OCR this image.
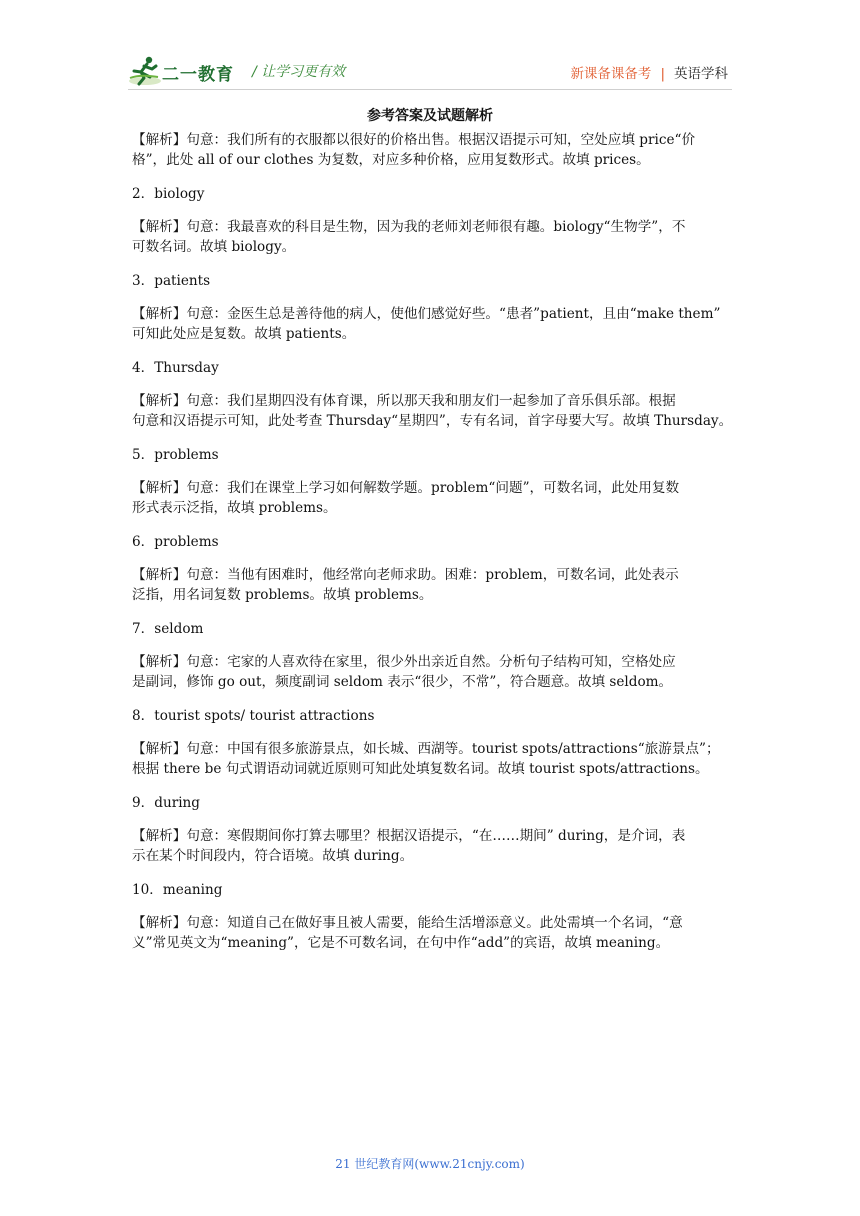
二一教育 / 让学习更有效	新课备课备考 | 英语学科
参考答案及试题解析

【解析】句意：我们所有的衣服都以很好的价格出售。根据汉语提示可知，空处应填 price“价

格”，此处 all of our clothes 为复数，对应多种价格，应用复数形式。故填 prices。

2．biology

【解析】句意：我最喜欢的科目是生物，因为我的老师刘老师很有趣。biology“生物学”，不

可数名词。故填 biology。

3．patients

【解析】句意：金医生总是善待他的病人，使他们感觉好些。“患者”patient，且由“make them”

可知此处应是复数。故填 patients。

4．Thursday

【解析】句意：我们星期四没有体育课，所以那天我和朋友们一起参加了音乐俱乐部。根据

句意和汉语提示可知，此处考查 Thursday“星期四”，专有名词，首字母要大写。故填 Thursday。

5．problems

【解析】句意：我们在课堂上学习如何解数学题。problem“问题”，可数名词，此处用复数

形式表示泛指，故填 problems。

6．problems

【解析】句意：当他有困难时，他经常向老师求助。困难：problem，可数名词，此处表示

泛指，用名词复数 problems。故填 problems。

7．seldom

【解析】句意：宅家的人喜欢待在家里，很少外出亲近自然。分析句子结构可知，空格处应

是副词，修饰 go out，频度副词 seldom 表示“很少，不常”，符合题意。故填 seldom。

8．tourist spots/ tourist attractions

【解析】句意：中国有很多旅游景点，如长城、西湖等。tourist spots/attractions“旅游景点”；

根据 there be 句式谓语动词就近原则可知此处填复数名词。故填 tourist spots/attractions。

9．during

【解析】句意：寒假期间你打算去哪里？根据汉语提示，“在……期间” during，是介词，表

示在某个时间段内，符合语境。故填 during。

10．meaning

【解析】句意：知道自己在做好事且被人需要，能给生活增添意义。此处需填一个名词，“意

义”常见英文为“meaning”，它是不可数名词，在句中作“add”的宾语，故填 meaning。

21 世纪教育网(www.21cnjy.com)
